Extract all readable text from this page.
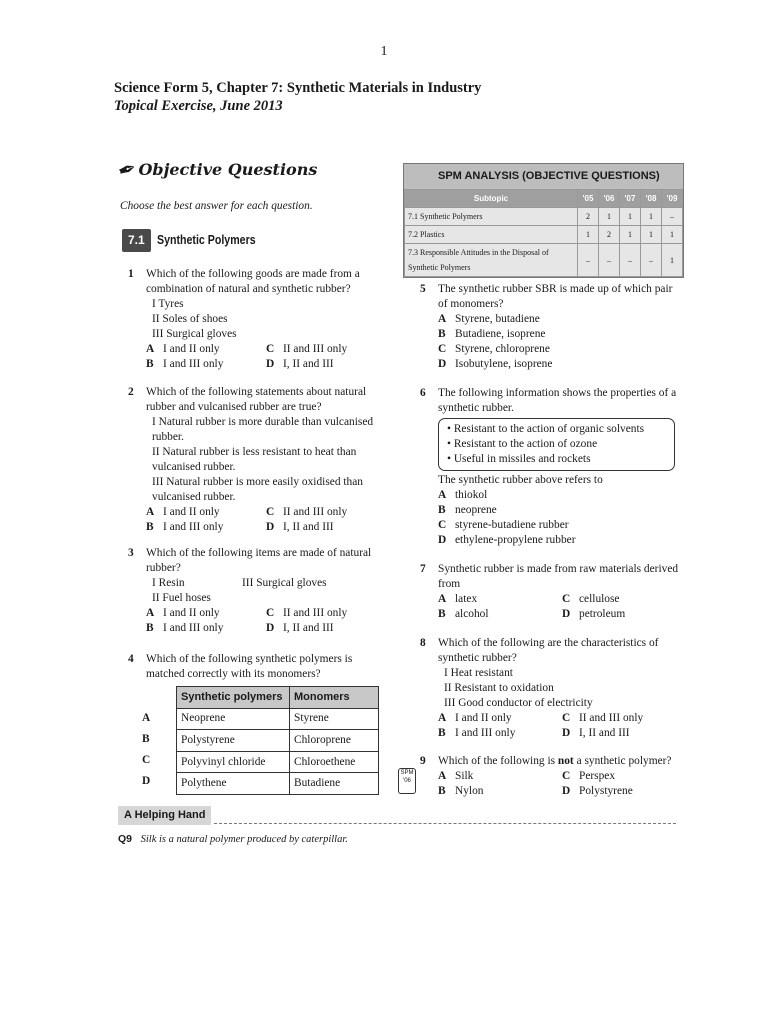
1
Science Form 5, Chapter 7: Synthetic Materials in Industry
Topical Exercise, June 2013
✒
Objective Questions
Choose the best answer for each question.
7.1 Synthetic Polymers
1 Which of the following goods are made from a combination of natural and synthetic rubber?
I Tyres
II Soles of shoes
III Surgical gloves
A I and II only	C II and III only
B I and III only	D I, II and III
2 Which of the following statements about natural rubber and vulcanised rubber are true?
I Natural rubber is more durable than vulcanised rubber.
II Natural rubber is less resistant to heat than vulcanised rubber.
III Natural rubber is more easily oxidised than vulcanised rubber.
A I and II only	C II and III only
B I and III only	D I, II and III
3 Which of the following items are made of natural rubber?
I Resin	III Surgical gloves
II Fuel hoses
A I and II only	C II and III only
B I and III only	D I, II and III
4 Which of the following synthetic polymers is matched correctly with its monomers?
A
B
C
D
Synthetic polymers	Monomers
Neoprene	Styrene
Polystyrene	Chloroprene
Polyvinyl chloride	Chloroethene
Polythene	Butadiene
SPM ANALYSIS (OBJECTIVE QUESTIONS)
Subtopic	'05	'06	'07	'08	'09
7.1 Synthetic Polymers	2	1	1	1	–
7.2 Plastics	1	2	1	1	1
7.3 Responsible Attitudes in the Disposal of Synthetic Polymers	–	–	–	–	1
5 The synthetic rubber SBR is made up of which pair of monomers?
A Styrene, butadiene
B Butadiene, isoprene
C Styrene, chloroprene
D Isobutylene, isoprene
6 The following information shows the properties of a synthetic rubber.
• Resistant to the action of organic solvents
• Resistant to the action of ozone
• Useful in missiles and rockets
The synthetic rubber above refers to
A thiokol
B neoprene
C styrene-butadiene rubber
D ethylene-propylene rubber
7 Synthetic rubber is made from raw materials derived from
A latex	C cellulose
B alcohol	D petroleum
8 Which of the following are the characteristics of synthetic rubber?
I Heat resistant
II Resistant to oxidation
III Good conductor of electricity
A I and II only	C II and III only
B I and III only	D I, II and III
SPM '06
9 Which of the following is not a synthetic polymer?
A Silk	C Perspex
B Nylon	D Polystyrene
A Helping Hand
Q9 Silk is a natural polymer produced by caterpillar.
